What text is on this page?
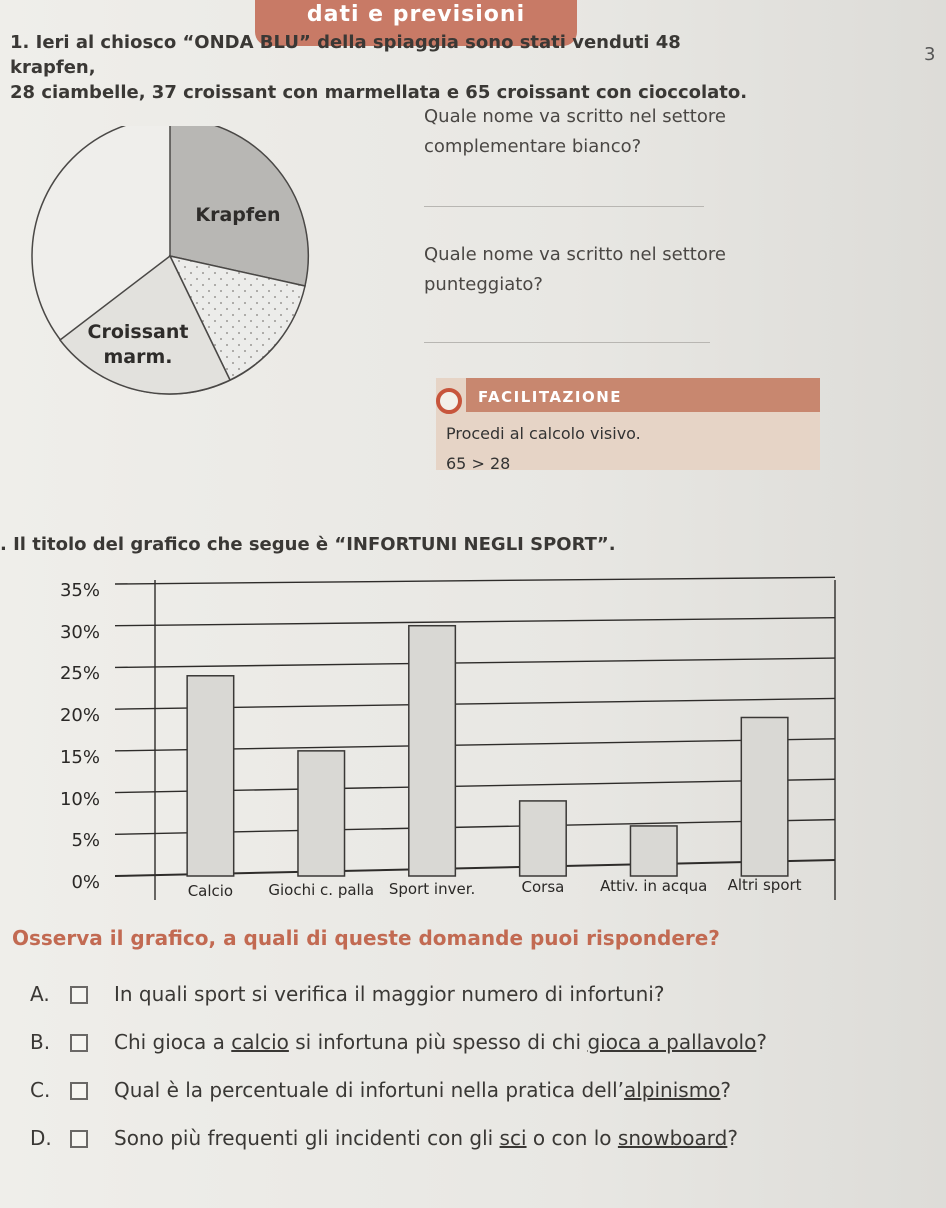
dati e previsioni
3
1. Ieri al chiosco “ONDA BLU” della spiaggia sono stati venduti 48 krapfen,
28 ciambelle, 37 croissant con marmellata e 65 croissant con cioccolato.
Krapfen
Croissant
marm.
Quale nome va scritto nel settore
complementare bianco?
Quale nome va scritto nel settore
punteggiato?
FACILITAZIONE
Procedi al calcolo visivo.
65 > 28
. Il titolo del grafico che segue è “INFORTUNI NEGLI SPORT”.
0%
5%
10%
15%
20%
25%
30%
35%
Calcio	Giochi c. palla Sport inver.	Corsa	Attiv. in acqua	Altri sport
Osserva il grafico, a quali di queste domande puoi rispondere?
A.	In quali sport si verifica il maggior numero di infortuni?
B.	Chi gioca a calcio si infortuna più spesso di chi gioca a pallavolo?
C.	Qual è la percentuale di infortuni nella pratica dell’alpinismo?
D.	Sono più frequenti gli incidenti con gli sci o con lo snowboard?
